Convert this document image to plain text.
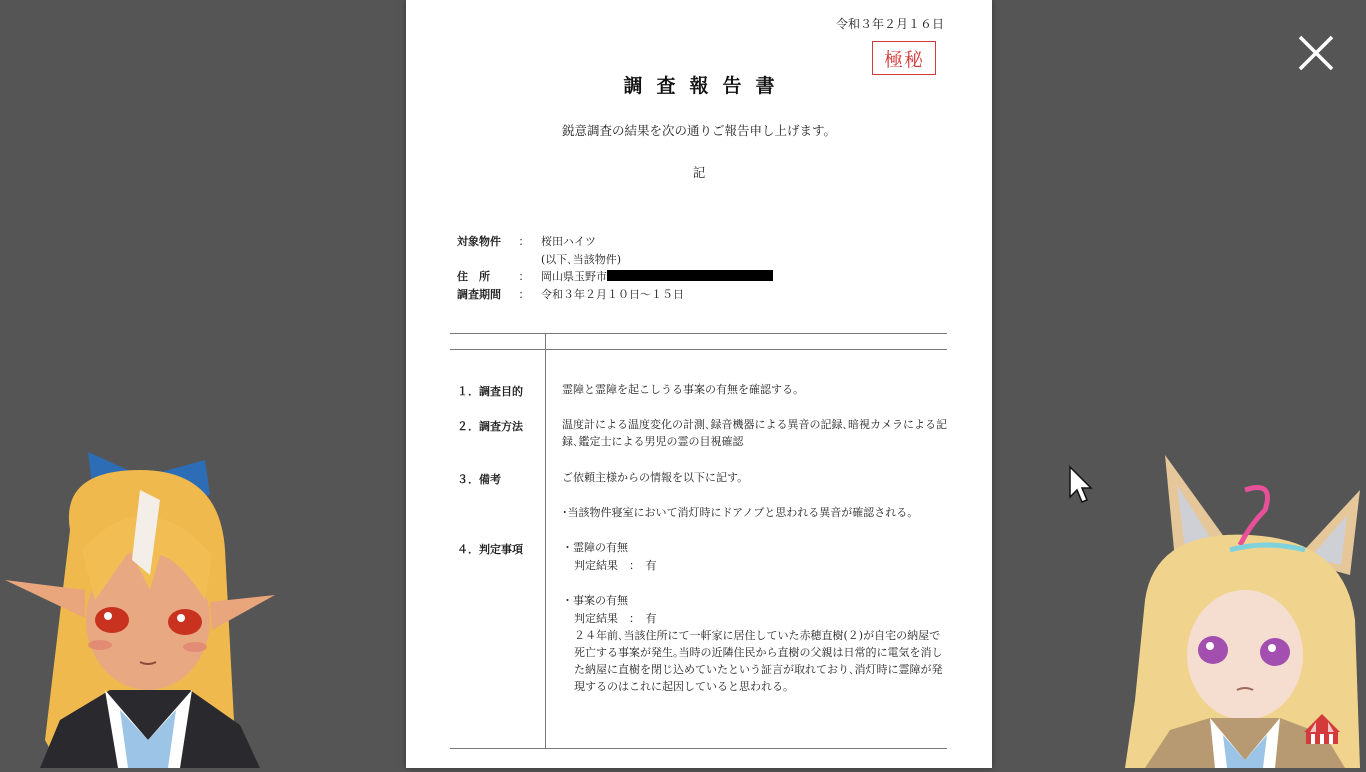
令和３年２月１６日
極秘
調査報告書
鋭意調査の結果を次の通りご報告申し上げます。
記
対象物件 ： 桜田ハイツ
(以下､当該物件)
住　所	： 岡山県玉野市
調査期間 ： 令和３年２月１０日〜１５日
１．調査目的	霊障と霊障を起こしうる事案の有無を確認する。
２．調査方法	温度計による温度変化の計測､録音機器による異音の記録､暗視カメラによる記録､鑑定士による男児の霊の目視確認
３．備考	ご依頼主様からの情報を以下に記す。
･当該物件寝室において消灯時にドアノブと思われる異音が確認される。
４．判定事項	・霊障の有無
判定結果　：　有
・事案の有無
判定結果　：　有
２４年前､当該住所にて一軒家に居住していた赤穂直樹(２)が自宅の納屋で死亡する事案が発生｡当時の近隣住民から直樹の父親は日常的に電気を消した納屋に直樹を閉じ込めていたという証言が取れており､消灯時に霊障が発現するのはこれに起因していると思われる。
